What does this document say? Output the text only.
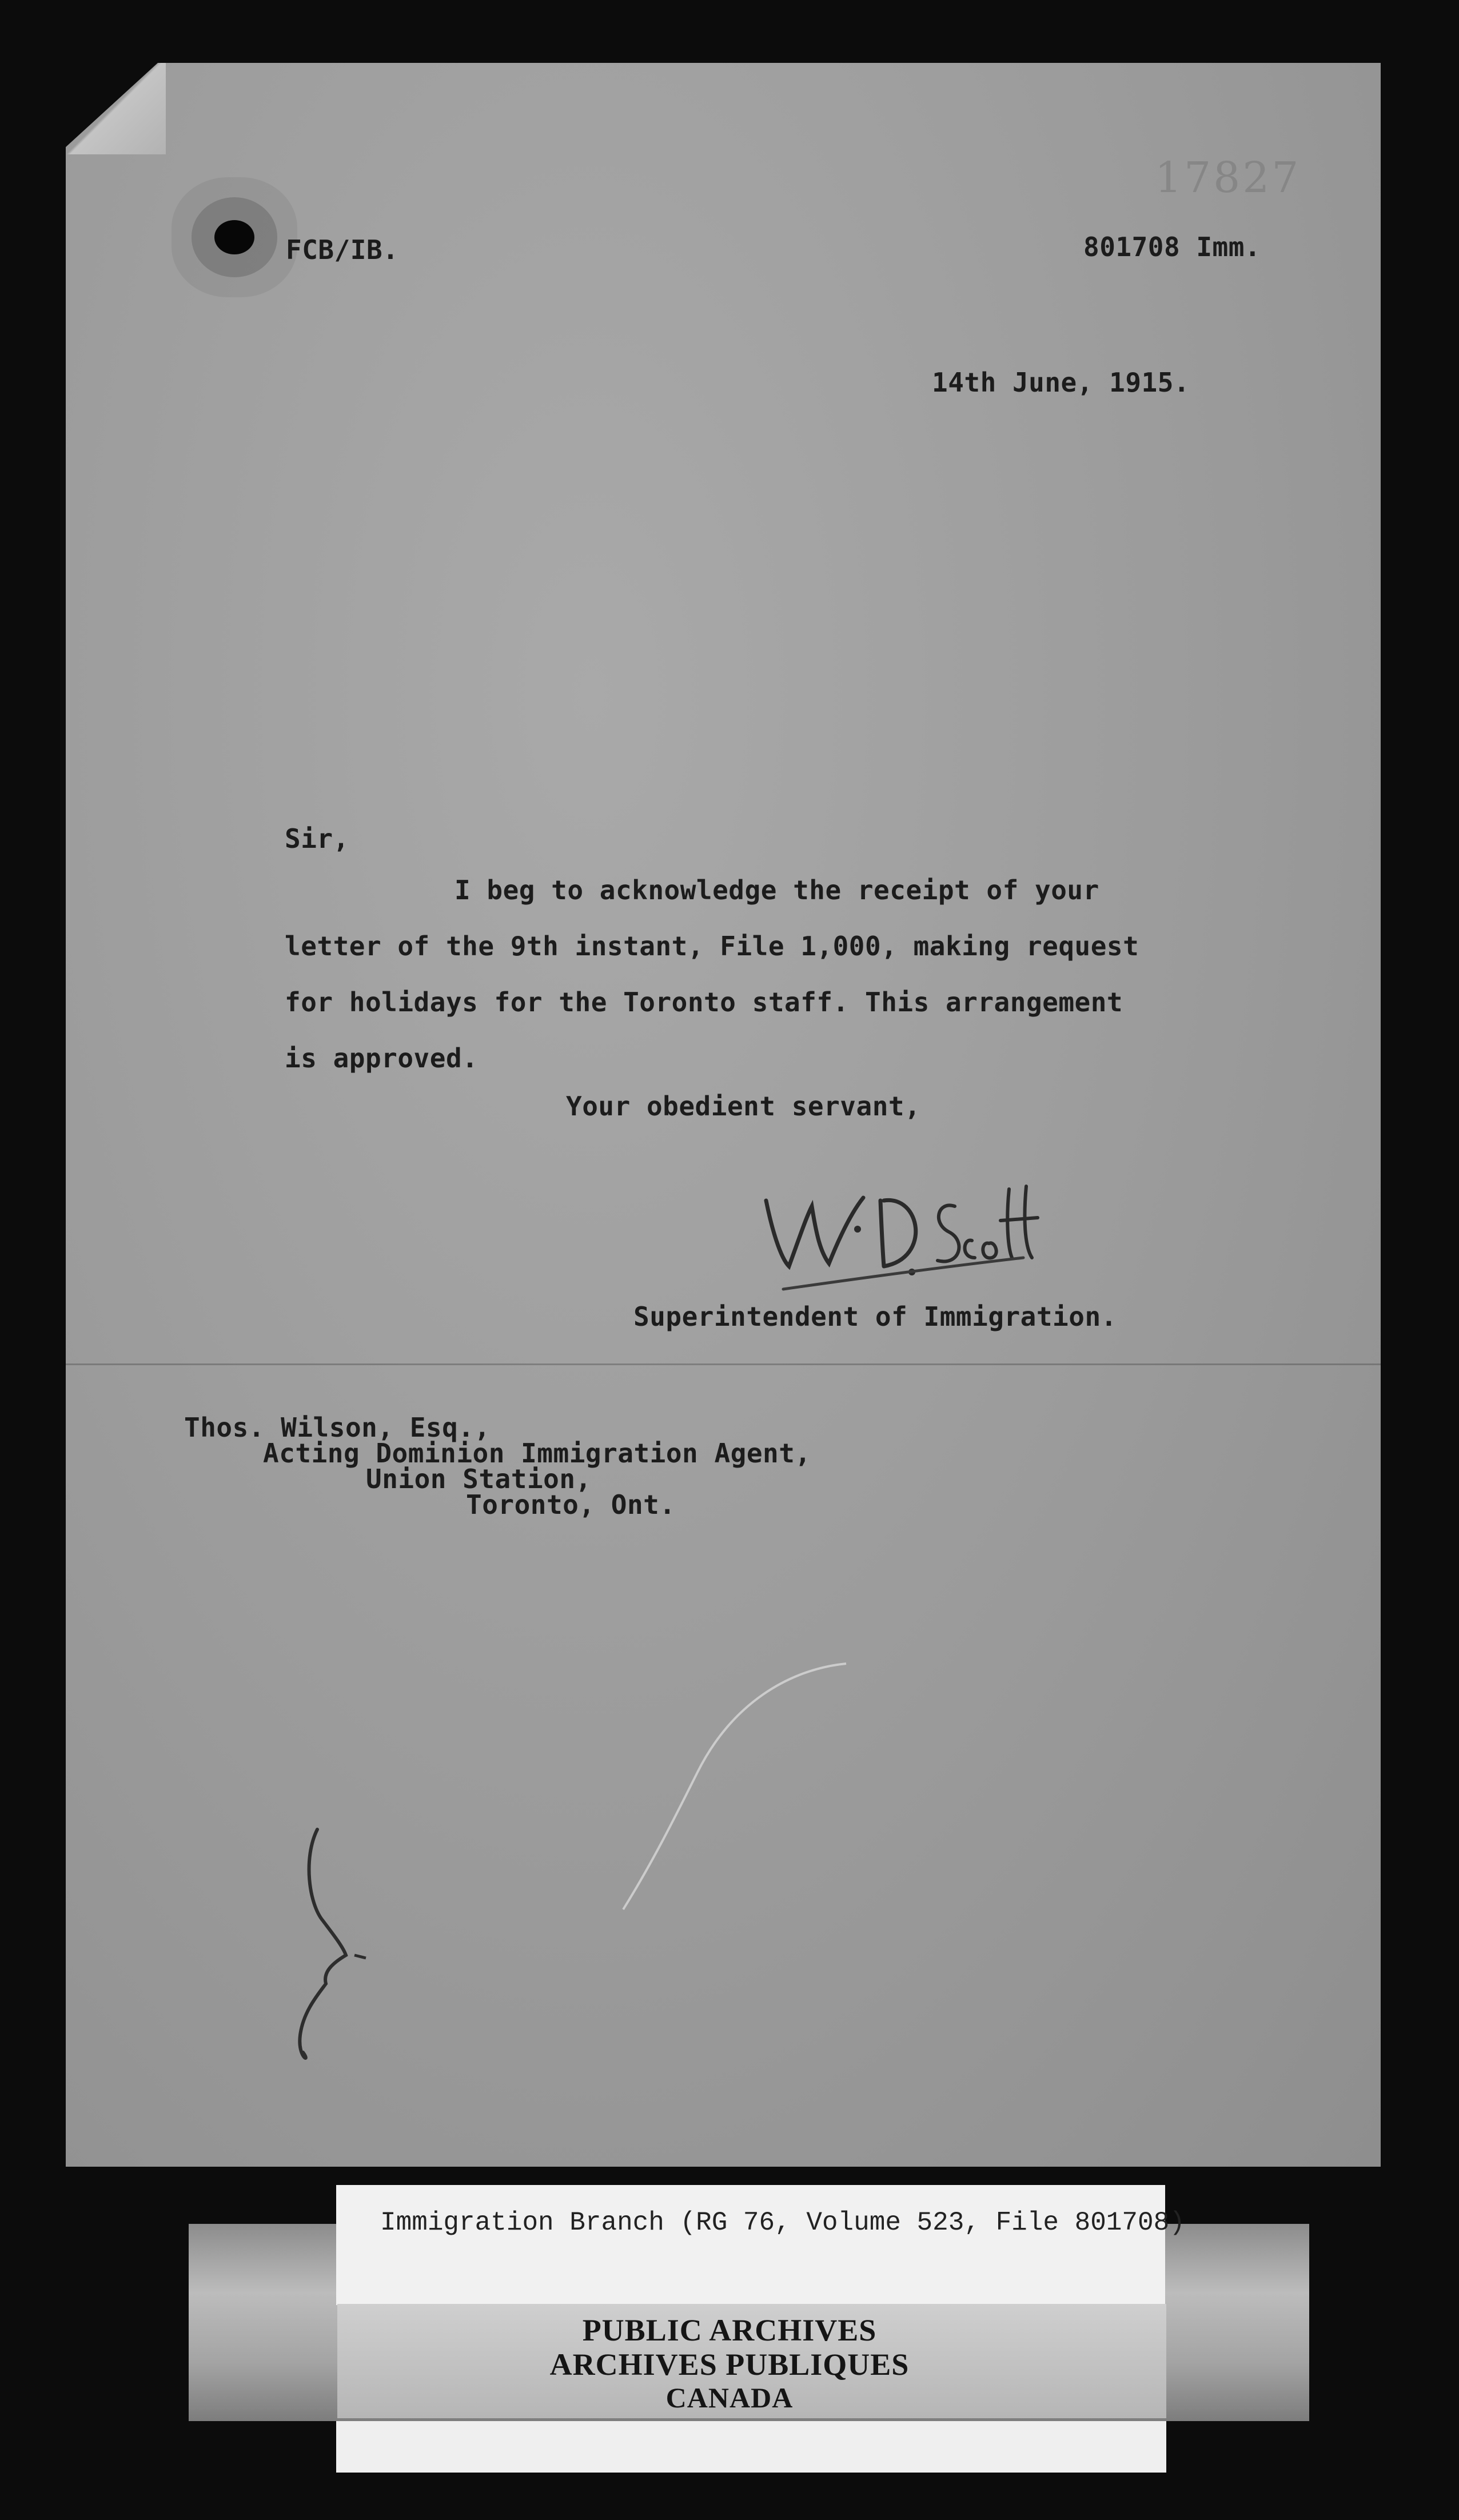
17827
FCB/IB.	801708 Imm.
14th June, 1915.
Sir,
I beg to acknowledge the receipt of your
letter of the 9th instant, File 1,000, making request
for holidays for the Toronto staff. This arrangement
is approved.
Your obedient servant,
Superintendent of Immigration.
Thos. Wilson, Esq.,
Acting Dominion Immigration Agent,
Union Station,
Toronto, Ont.
Immigration Branch (RG 76, Volume 523, File 801708)
PUBLIC ARCHIVES
ARCHIVES PUBLIQUES
CANADA
